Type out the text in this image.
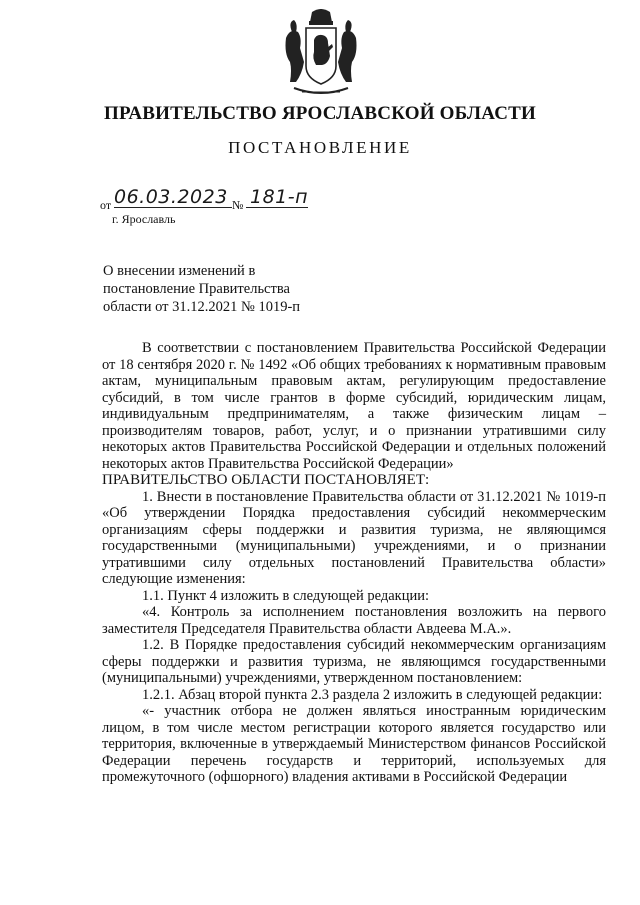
ПРАВИТЕЛЬСТВО ЯРОСЛАВСКОЙ ОБЛАСТИ
ПОСТАНОВЛЕНИЕ
от 06.03.2023 № 181-п
г. Ярославль
О внесении изменений в
постановление Правительства
области от 31.12.2021 № 1019-п

В соответствии с постановлением Правительства Российской Федерации от 18 сентября 2020 г. № 1492 «Об общих требованиях к нормативным правовым актам, муниципальным правовым актам, регулирующим предоставление субсидий, в том числе грантов в форме субсидий, юридическим лицам, индивидуальным предпринимателям, а также физическим лицам – производителям товаров, работ, услуг, и о признании утратившими силу некоторых актов Правительства Российской Федерации и отдельных положений некоторых актов Правительства Российской Федерации»

ПРАВИТЕЛЬСТВО ОБЛАСТИ ПОСТАНОВЛЯЕТ:

1. Внести в постановление Правительства области от 31.12.2021 № 1019-п «Об утверждении Порядка предоставления субсидий некоммерческим организациям сферы поддержки и развития туризма, не являющимся государственными (муниципальными) учреждениями, и о признании утратившими силу отдельных постановлений Правительства области» следующие изменения:

1.1. Пункт 4 изложить в следующей редакции:

«4. Контроль за исполнением постановления возложить на первого заместителя Председателя Правительства области Авдеева М.А.».

1.2. В Порядке предоставления субсидий некоммерческим организациям сферы поддержки и развития туризма, не являющимся государственными (муниципальными) учреждениями, утвержденном постановлением:

1.2.1. Абзац второй пункта 2.3 раздела 2 изложить в следующей редакции:

«- участник отбора не должен являться иностранным юридическим лицом, в том числе местом регистрации которого является государство или территория, включенные в утверждаемый Министерством финансов Российской Федерации перечень государств и территорий, используемых для промежуточного (офшорного) владения активами в Российской Федерации
